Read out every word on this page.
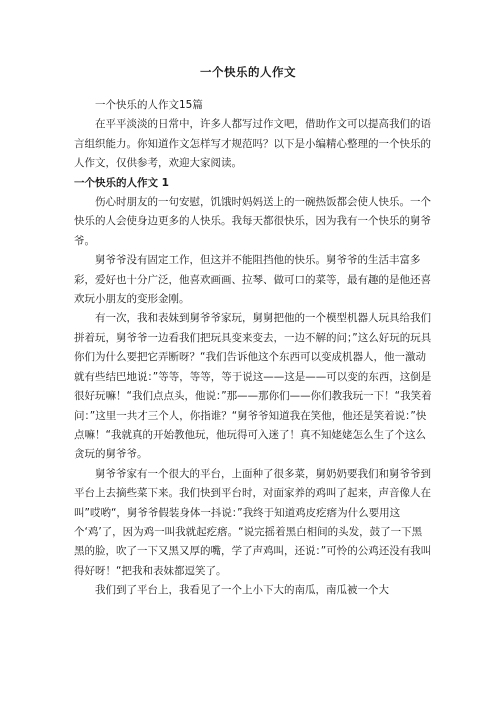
一个快乐的人作文

一个快乐的人作文15篇

在平平淡淡的日常中，许多人都写过作文吧，借助作文可以提高我们的语言组织能力。你知道作文怎样写才规范吗？以下是小编精心整理的一个快乐的人作文，仅供参考，欢迎大家阅读。

一个快乐的人作文 1

伤心时朋友的一句安慰，饥饿时妈妈送上的一碗热饭都会使人快乐。一个快乐的人会使身边更多的人快乐。我每天都很快乐，因为我有一个快乐的舅爷爷。

舅爷爷没有固定工作，但这并不能阻挡他的快乐。舅爷爷的生活丰富多彩，爱好也十分广泛，他喜欢画画、拉琴、做可口的菜等，最有趣的是他还喜欢玩小朋友的变形金刚。

有一次，我和表妹到舅爷爷家玩，舅舅把他的一个模型机器人玩具给我们拼着玩，舅爷爷一边看我们把玩具变来变去，一边不解的问；”这么好玩的玩具你们为什么要把它弄断呀？“我们告诉他这个东西可以变成机器人，他一激动就有些结巴地说：”等等，等等，等于说这——这是——可以变的东西，这倒是很好玩嘛！“我们点点头，他说：”那——那你们——你们教我玩一下！“我笑着问：”这里一共才三个人，你指谁？“舅爷爷知道我在笑他，他还是笑着说：”快点嘛！“我就真的开始教他玩，他玩得可入迷了！真不知姥姥怎么生了个这么贪玩的舅爷爷。

舅爷爷家有一个很大的平台，上面种了很多菜，舅奶奶要我们和舅爷爷到平台上去摘些菜下来。我们快到平台时，对面家养的鸡叫了起来，声音像人在叫”哎哟“，舅爷爷假装身体一抖说：”我终于知道鸡皮疙瘩为什么要用这个‘鸡’了，因为鸡一叫我就起疙瘩。“说完摇着黑白相间的头发，鼓了一下黑黑的脸，吹了一下又黑又厚的嘴，学了声鸡叫，还说：”可怜的公鸡还没有我叫得好呀！“把我和表妹都逗笑了。

我们到了平台上，我看见了一个上小下大的南瓜，南瓜被一个大
